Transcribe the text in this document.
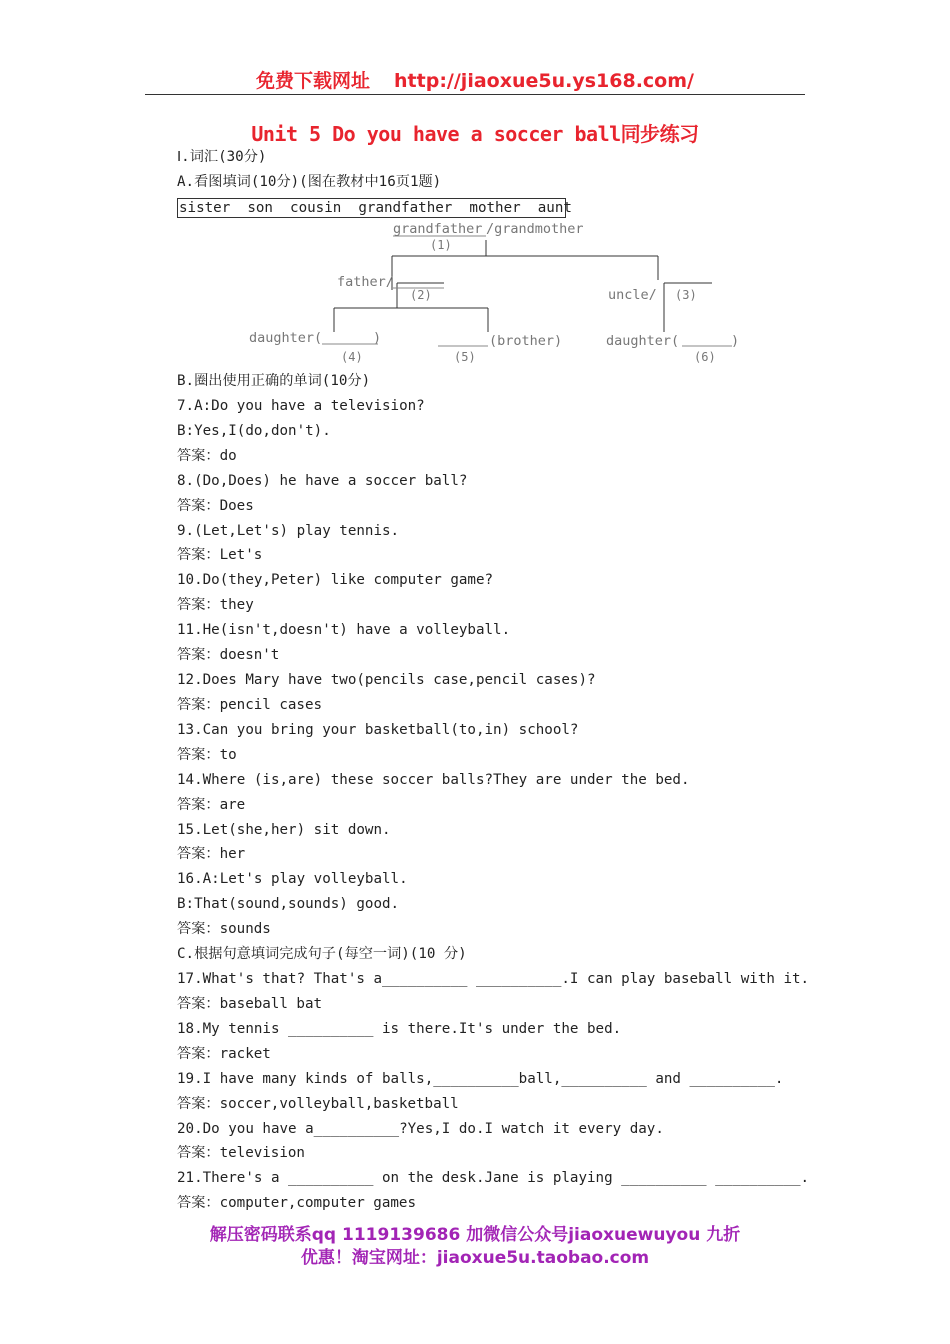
免费下载网址 http://jiaoxue5u.ys168.com/
Unit 5 Do you have a soccer ball同步练习
Ⅰ.词汇(30分)
A.看图填词(10分)(图在教材中16页1题)
sister  son  cousin  grandfather  mother  aunt
grandfather /grandmother
(1)
father/
(2)	uncle/ (3)
daughter(	)
(4)
(brother)
(5)
daughter(	)
(6)
B.圈出使用正确的单词(10分)
7.A:Do you have a television?
B:Yes,I(do,don't).
答案：do
8.(Do,Does) he have a soccer ball?
答案：Does
9.(Let,Let's) play tennis.
答案：Let's
10.Do(they,Peter) like computer game?
答案：they
11.He(isn't,doesn't) have a volleyball.
答案：doesn't
12.Does Mary have two(pencils case,pencil cases)?
答案：pencil cases
13.Can you bring your basketball(to,in) school?
答案：to
14.Where (is,are) these soccer balls?They are under the bed.
答案：are
15.Let(she,her) sit down.
答案：her
16.A:Let's play volleyball.
B:That(sound,sounds) good.
答案：sounds
C.根据句意填词完成句子(每空一词)(10 分)
17.What's that? That's a__________ __________.I can play baseball with it.
答案：baseball bat
18.My tennis __________ is there.It's under the bed.
答案：racket
19.I have many kinds of balls,__________ball,__________ and __________.
答案：soccer,volleyball,basketball
20.Do you have a__________?Yes,I do.I watch it every day.
答案：television
21.There's a __________ on the desk.Jane is playing __________ __________.
答案：computer,computer games
解压密码联系qq 1119139686 加微信公众号jiaoxuewuyou 九折
优惠！淘宝网址：jiaoxue5u.taobao.com
